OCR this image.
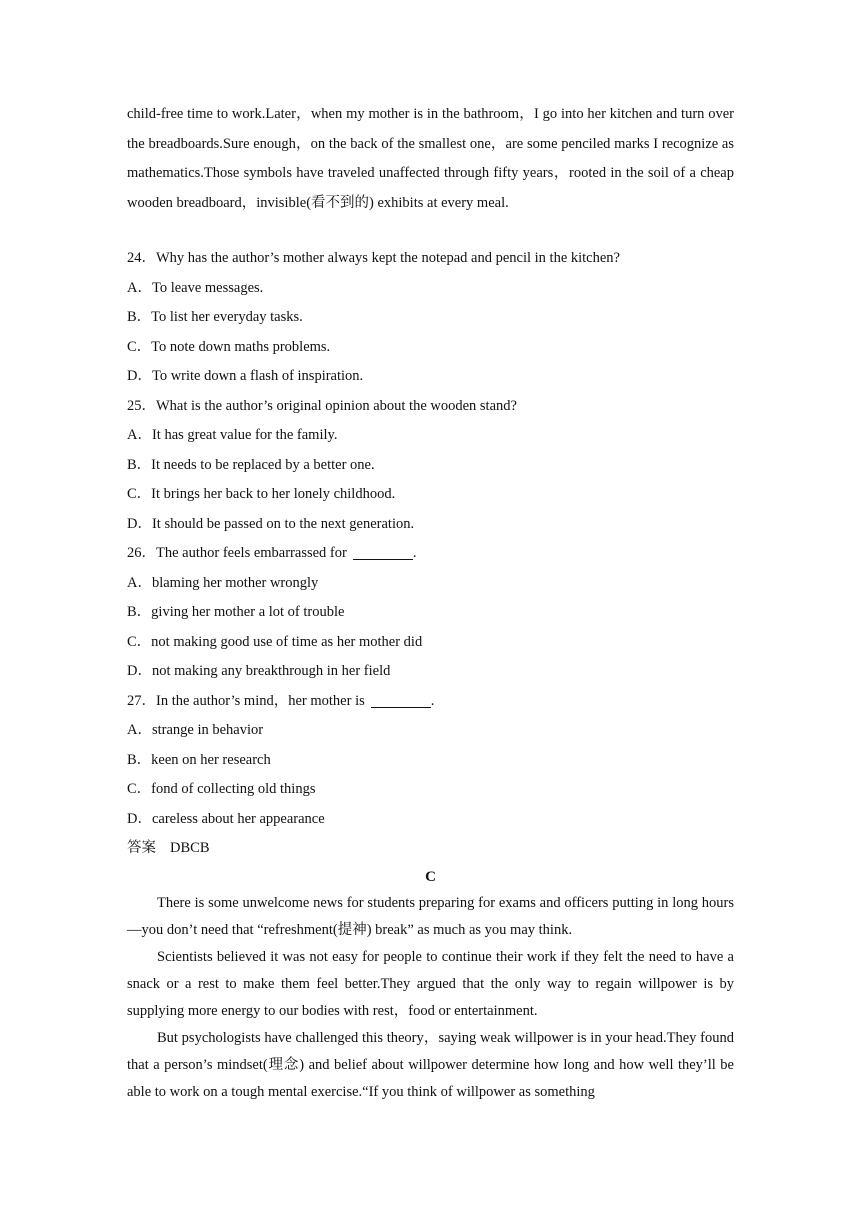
child-free time to work.Later，when my mother is in the bathroom，I go into her kitchen and turn over the breadboards.Sure enough，on the back of the smallest one，are some penciled marks I recognize as mathematics.Those symbols have traveled unaffected through fifty years，rooted in the soil of a cheap wooden breadboard，invisible(看不到的) exhibits at every meal.

24．Why has the author’s mother always kept the notepad and pencil in the kitchen?

A．To leave messages.

B．To list her everyday tasks.

C．To note down maths problems.

D．To write down a flash of inspiration.

25．What is the author’s original opinion about the wooden stand?

A．It has great value for the family.

B．It needs to be replaced by a better one.

C．It brings her back to her lonely childhood.

D．It should be passed on to the next generation.

26．The author feels embarrassed for	.

A．blaming her mother wrongly

B．giving her mother a lot of trouble

C．not making good use of time as her mother did

D．not making any breakthrough in her field

27．In the author’s mind，her mother is	.

A．strange in behavior

B．keen on her research

C．fond of collecting old things

D．careless about her appearance

答案 DBCB

C

There is some unwelcome news for students preparing for exams and officers putting in long hours—you don’t need that “refreshment(提神) break” as much as you may think.

Scientists believed it was not easy for people to continue their work if they felt the need to have a snack or a rest to make them feel better.They argued that the only way to regain willpower is by supplying more energy to our bodies with rest，food or entertainment.

But psychologists have challenged this theory，saying weak willpower is in your head.They found that a person’s mindset(理念) and belief about willpower determine how long and how well they’ll be able to work on a tough mental exercise.“If you think of willpower as something
